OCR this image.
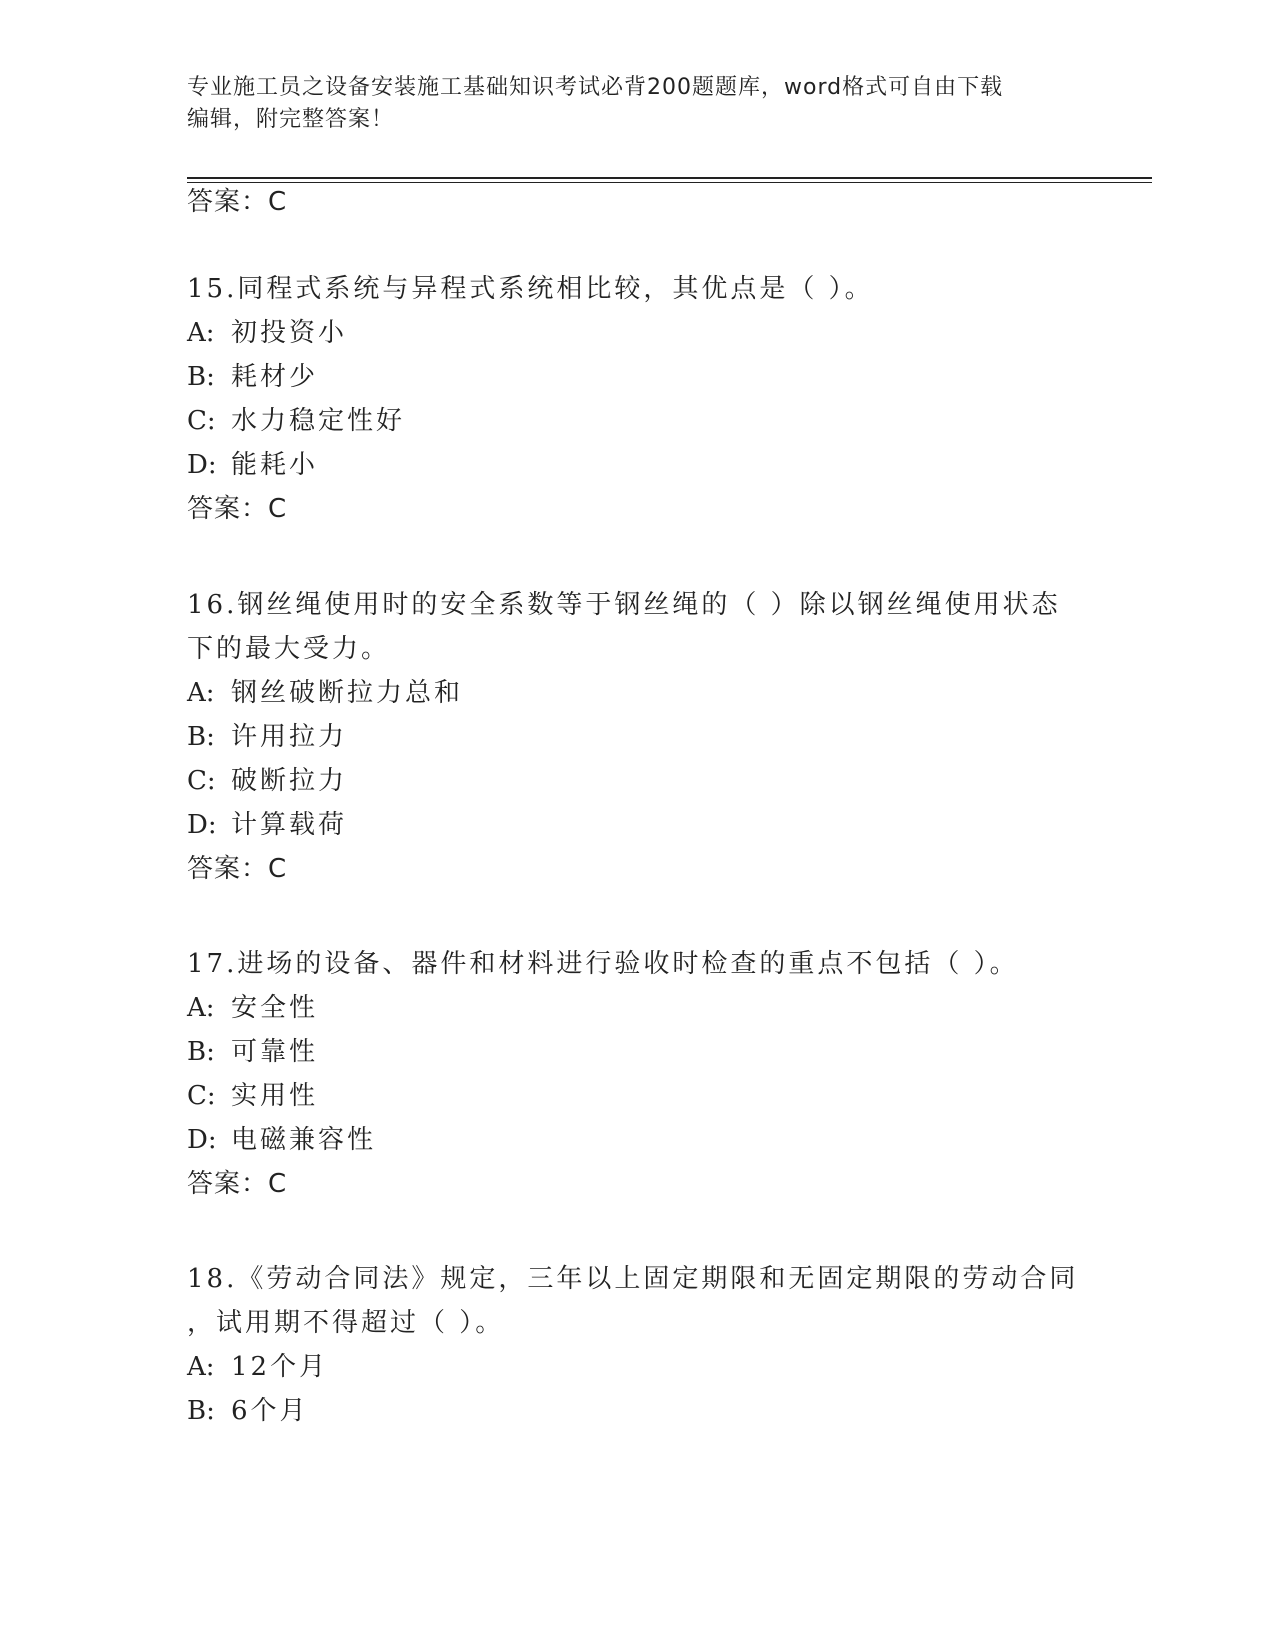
专业施工员之设备安装施工基础知识考试必背200题题库，word格式可自由下载
编辑，附完整答案！
答案：C
15.同程式系统与异程式系统相比较，其优点是（ ）。
A: 初投资小
B: 耗材少
C: 水力稳定性好
D: 能耗小
答案：C
16.钢丝绳使用时的安全系数等于钢丝绳的（ ）除以钢丝绳使用状态
下的最大受力。
A: 钢丝破断拉力总和
B: 许用拉力
C: 破断拉力
D: 计算载荷
答案：C
17.进场的设备、器件和材料进行验收时检查的重点不包括（ ）。
A: 安全性
B: 可靠性
C: 实用性
D: 电磁兼容性
答案：C
18.《劳动合同法》规定，三年以上固定期限和无固定期限的劳动合同
，试用期不得超过（ ）。
A: 12个月
B: 6个月
